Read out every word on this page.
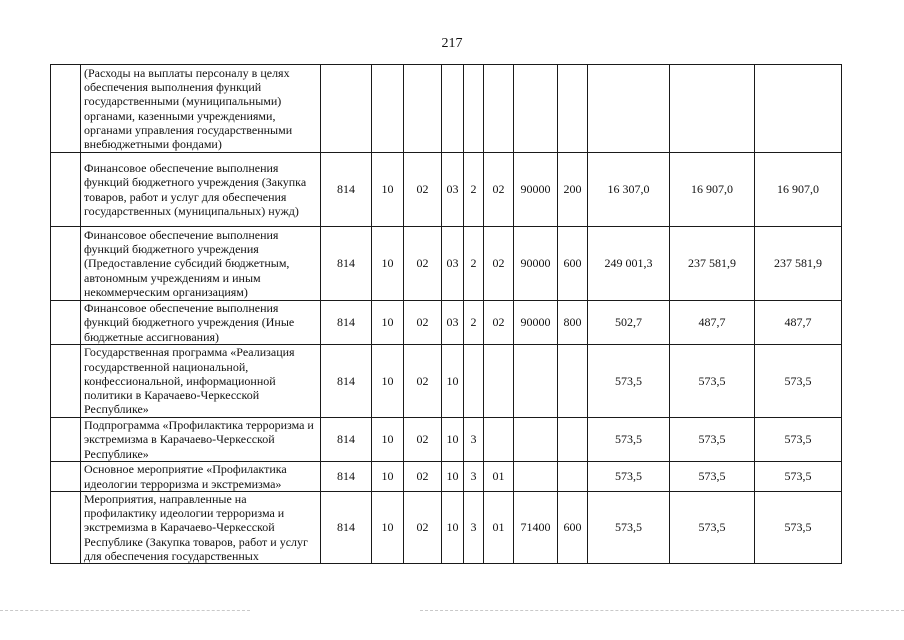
217
	(Расходы на выплаты персоналу в целях обеспечения выполнения функций государственными (муниципальными) органами, казенными учреждениями, органами управления государственными внебюджетными фондами)											
	Финансовое обеспечение выполнения функций бюджетного учреждения (Закупка товаров, работ и услуг для обеспечения государственных (муниципальных) нужд)	814	10	02	03	2	02	90000	200	16 307,0	16 907,0	16 907,0
	Финансовое обеспечение выполнения функций бюджетного учреждения (Предоставление субсидий бюджетным, автономным учреждениям и иным некоммерческим организациям)	814	10	02	03	2	02	90000	600	249 001,3	237 581,9	237 581,9
	Финансовое обеспечение выполнения функций бюджетного учреждения (Иные бюджетные ассигнования)	814	10	02	03	2	02	90000	800	502,7	487,7	487,7
	Государственная программа «Реализация государственной национальной, конфессиональной, информационной политики в Карачаево-Черкесской Республике»	814	10	02	10					573,5	573,5	573,5
	Подпрограмма «Профилактика терроризма и экстремизма в Карачаево-Черкесской Республике»	814	10	02	10	3				573,5	573,5	573,5
	Основное мероприятие «Профилактика идеологии терроризма и экстремизма»	814	10	02	10	3	01			573,5	573,5	573,5
	Мероприятия, направленные на профилактику идеологии терроризма и экстремизма в Карачаево-Черкесской Республике (Закупка товаров, работ и услуг для обеспечения государственных	814	10	02	10	3	01	71400	600	573,5	573,5	573,5
